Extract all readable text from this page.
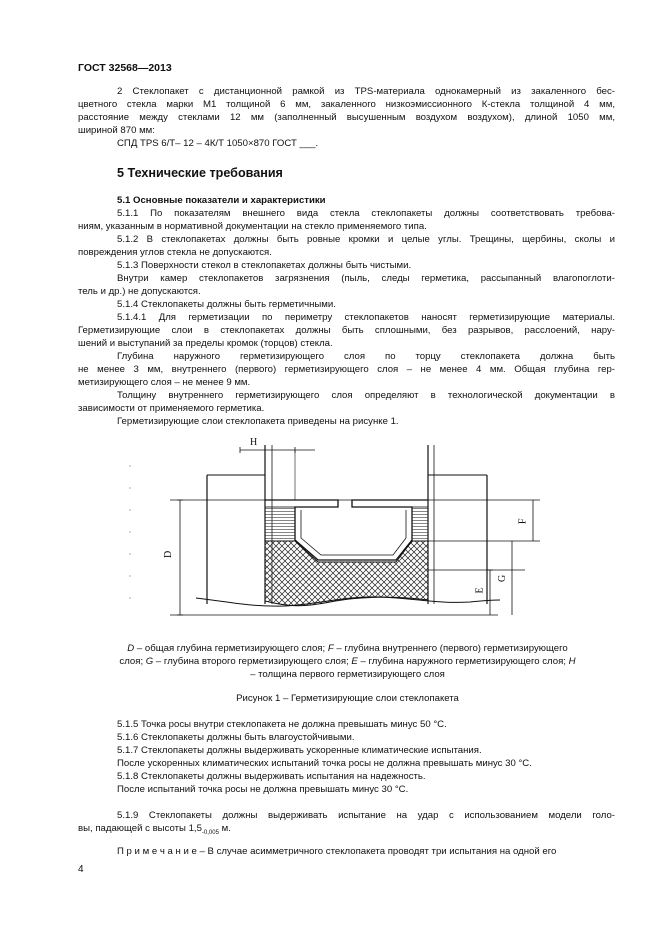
ГОСТ 32568—2013
2 Стеклопакет с дистанционной рамкой из TPS-материала однокамерный из закаленного бес-
цветного стекла марки М1 толщиной 6 мм, закаленного низкоэмиссионного К-стекла толщиной 4 мм,
расстояние между стеклами 12 мм (заполненный высушенным воздухом воздухом), длиной 1050 мм,
шириной 870 мм:
СПД TPS 6/Т– 12 – 4К/Т 1050×870 ГОСТ ___.
5 Технические требования
5.1 Основные показатели и характеристики
5.1.1 По показателям внешнего вида стекла стеклопакеты должны соответствовать требова-
ниям, указанным в нормативной документации на стекло применяемого типа.
5.1.2 В стеклопакетах должны быть ровные кромки и целые углы. Трещины, щербины, сколы и
повреждения углов стекла не допускаются.
5.1.3 Поверхности стекол в стеклопакетах должны быть чистыми.
Внутри камер стеклопакетов загрязнения (пыль, следы герметика, рассыпанный влагопоглоти-
тель и др.) не допускаются.
5.1.4 Стеклопакеты должны быть герметичными.
5.1.4.1 Для герметизации по периметру стеклопакетов наносят герметизирующие материалы.
Герметизирующие слои в стеклопакетах должны быть сплошными, без разрывов, расслоений, нару-
шений и выступаний за пределы кромок (торцов) стекла.
Глубина наружного герметизирующего слоя по торцу стеклопакета должна быть
не менее 3 мм, внутреннего (первого) герметизирующего слоя – не менее 4 мм. Общая глубина гер-
метизирующего слоя – не менее 9 мм.
Толщину внутреннего герметизирующего слоя определяют в технологической документации в
зависимости от применяемого герметика.
Герметизирующие слои стеклопакета приведены на рисунке 1.
H
D
F
G
E
D – общая глубина герметизирующего слоя; F – глубина внутреннего (первого) герметизирующего
слоя; G – глубина второго герметизирующего слоя; E – глубина наружного герметизирующего слоя; H
– толщина первого герметизирующего слоя
Рисунок 1 – Герметизирующие слои стеклопакета
5.1.5 Точка росы внутри стеклопакета не должна превышать минус 50 °С.
5.1.6 Стеклопакеты должны быть влагоустойчивыми.
5.1.7 Стеклопакеты должны выдерживать ускоренные климатические испытания.
После ускоренных климатических испытаний точка росы не должна превышать минус 30 °С.
5.1.8 Стеклопакеты должны выдерживать испытания на надежность.
После испытаний точка росы не должна превышать минус 30 °С.
5.1.9 Стеклопакеты должны выдерживать испытание на удар с использованием модели голо-
вы, падающей с высоты $1,5_{-0,005}$ м.
П р и м е ч а н и е – В случае асимметричного стеклопакета проводят три испытания на одной его
4
